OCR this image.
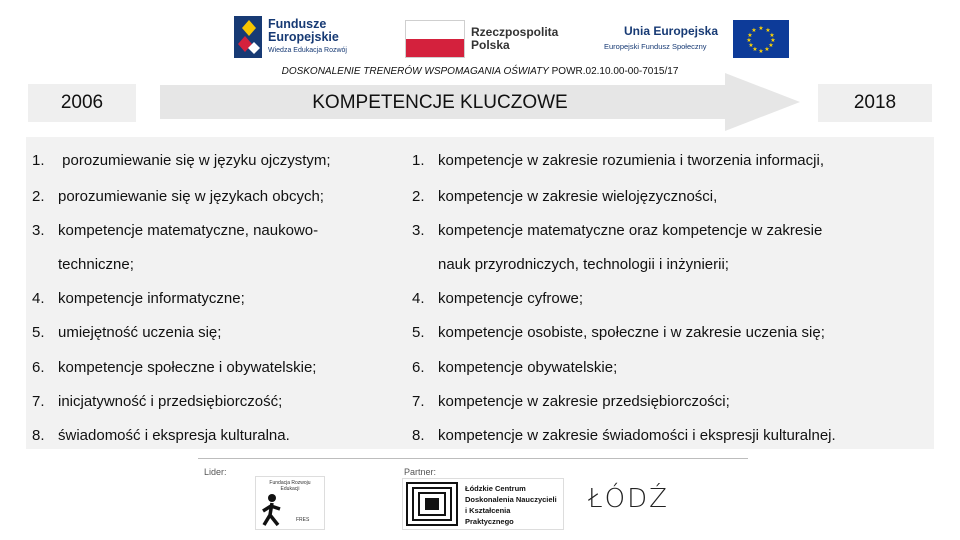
Fundusze
Europejskie
Wiedza Edukacja Rozwój
Rzeczpospolita
Polska
Unia Europejska
Europejski Fundusz Społeczny
★ ★
★
★
★
★
★
★
★
★
★
★
DOSKONALENIE TRENERÓW WSPOMAGANIA OŚWIATY POWR.02.10.00-00-7015/17
2006	KOMPETENCJE KLUCZOWE	2018
1. porozumiewanie się w języku ojczystym;
2. porozumiewanie się w językach obcych;
3. kompetencje matematyczne, naukowo-
techniczne;
4. kompetencje informatyczne;
5. umiejętność uczenia się;
6. kompetencje społeczne i obywatelskie;
7. inicjatywność i przedsiębiorczość;
8. świadomość i ekspresja kulturalna.
1. kompetencje w zakresie rozumienia i tworzenia informacji,
2. kompetencje w zakresie wielojęzyczności,
3. kompetencje matematyczne oraz kompetencje w zakresie
nauk przyrodniczych, technologii i inżynierii;
4. kompetencje cyfrowe;
5. kompetencje osobiste, społeczne i w zakresie uczenia się;
6. kompetencje obywatelskie;
7. kompetencje w zakresie przedsiębiorczości;
8. kompetencje w zakresie świadomości i ekspresji kulturalnej.
Lider:	Partner:
Fundacja Rozwoju Edukacji
FRES
Łódzkie Centrum Doskonalenia Nauczycieli i Kształcenia Praktycznego
ŁÓDŹ
